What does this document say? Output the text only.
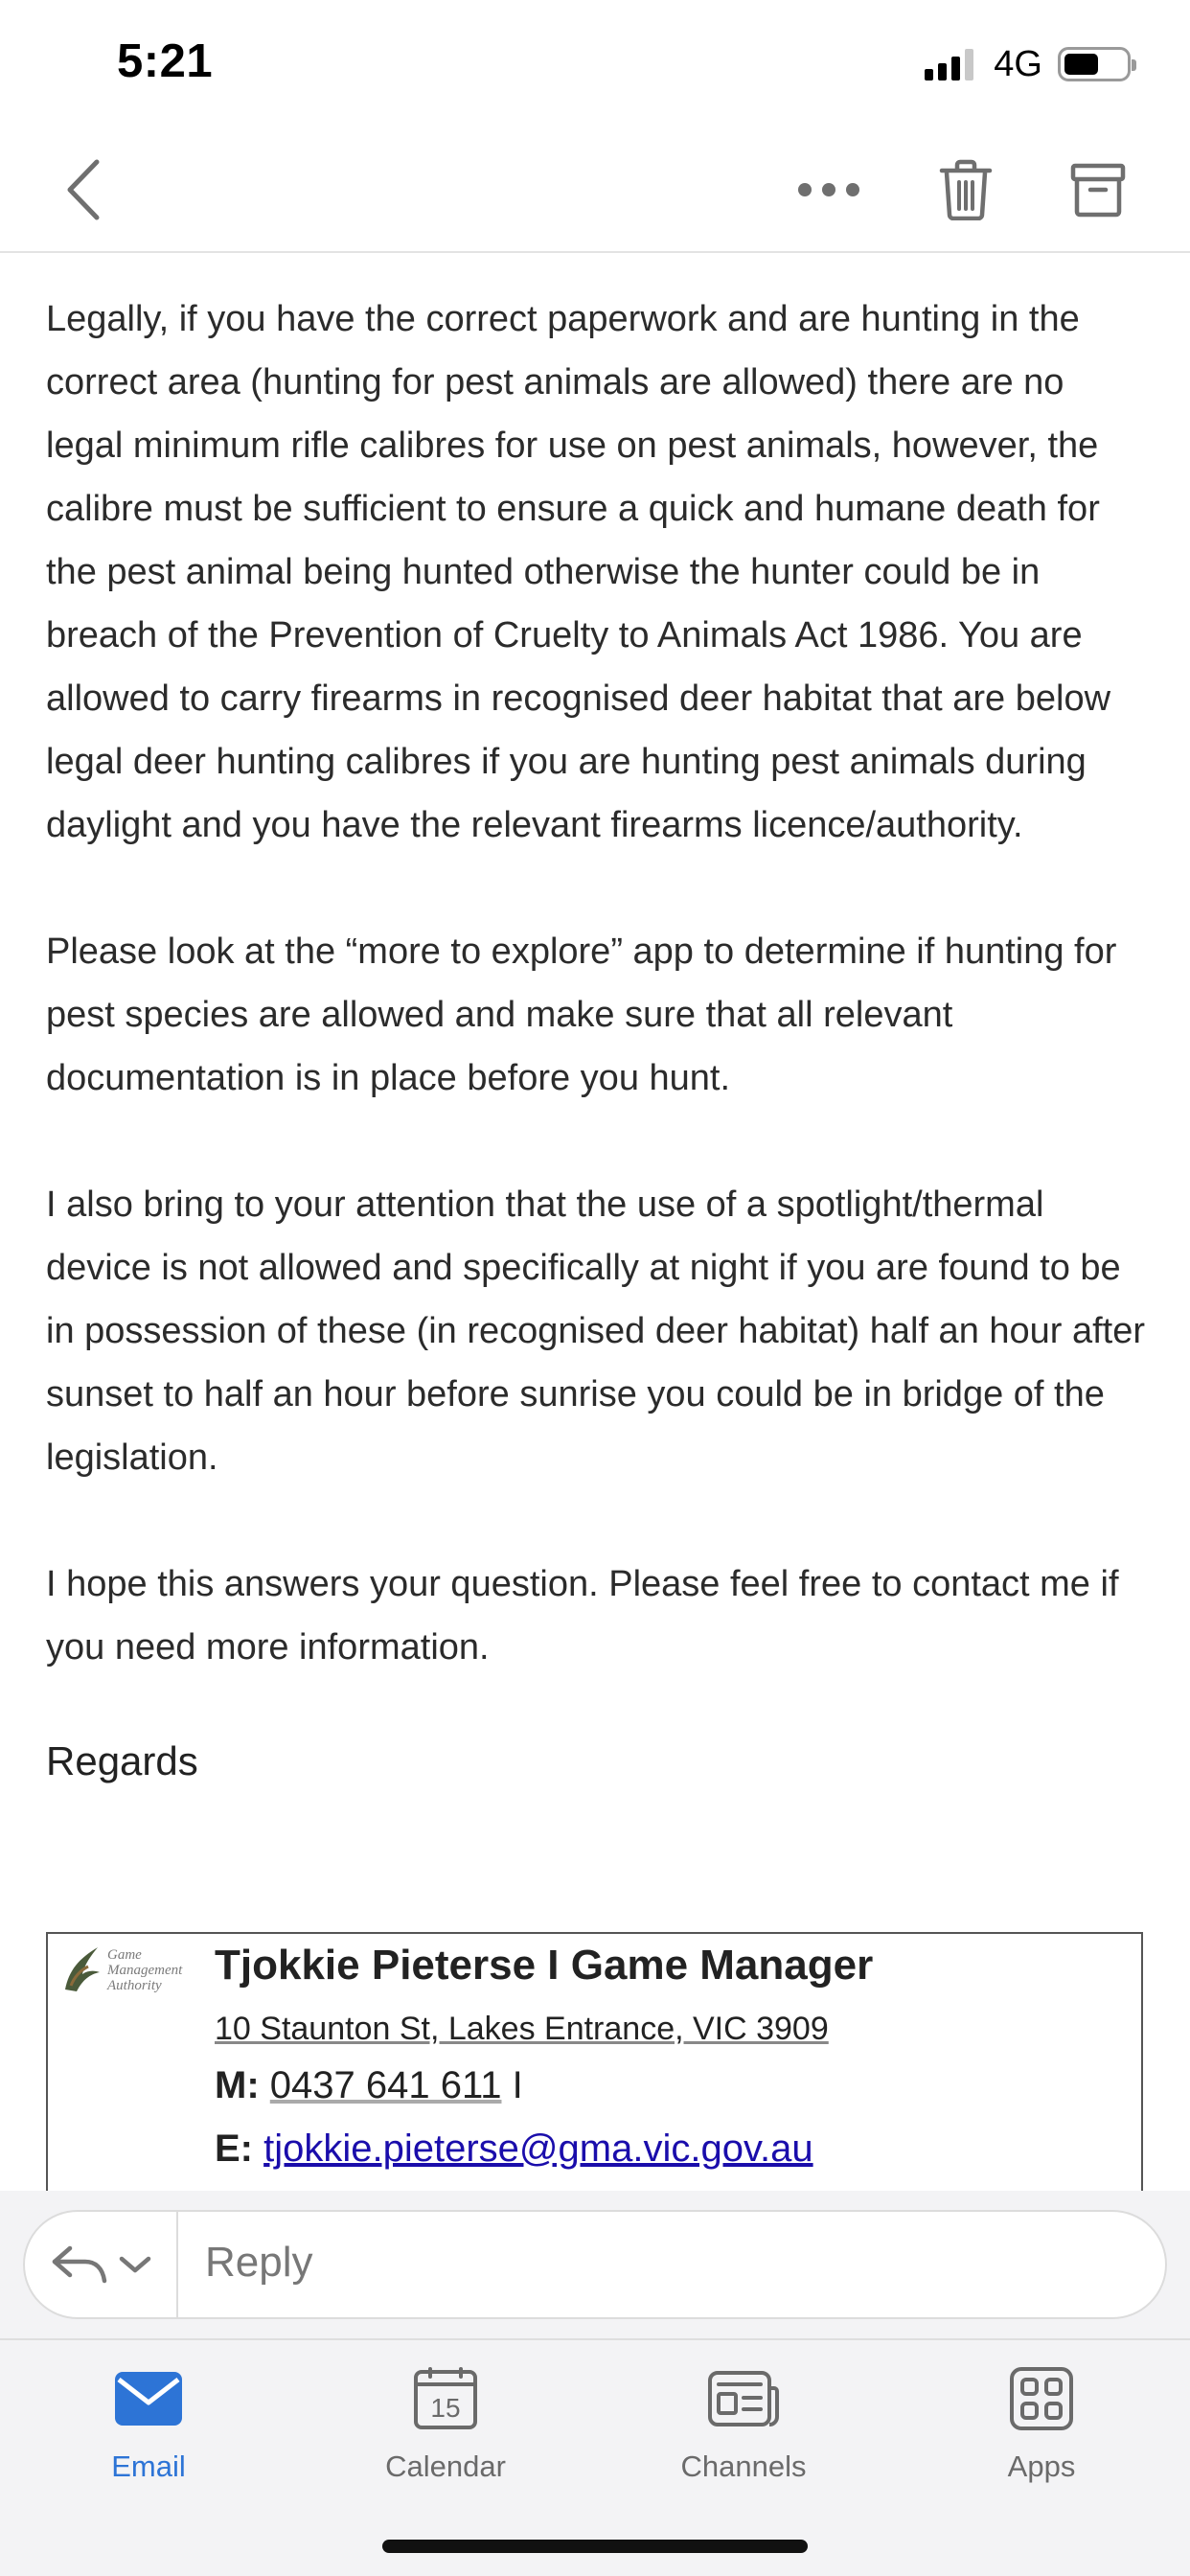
5:21	4G

Legally, if you have the correct paperwork and are hunting in the correct area (hunting for pest animals are allowed) there are no legal minimum rifle calibres for use on pest animals, however, the calibre must be sufficient to ensure a quick and humane death for the pest animal being hunted otherwise the hunter could be in breach of the Prevention of Cruelty to Animals Act 1986. You are allowed to carry firearms in recognised deer habitat that are below legal deer hunting calibres if you are hunting pest animals during daylight and you have the relevant firearms licence/authority.

Please look at the “more to explore” app to determine if hunting for pest species are allowed and make sure that all relevant documentation is in place before you hunt.

I also bring to your attention that the use of a spotlight/thermal device is not allowed and specifically at night if you are found to be in possession of these (in recognised deer habitat) half an hour after sunset to half an hour before sunrise you could be in bridge of the legislation.

I hope this answers your question. Please feel free to contact me if you need more information.

Regards

Game
Management
Authority	Tjokkie Pieterse I Game Manager
10 Staunton St, Lakes Entrance, VIC 3909
M: 0437 641 611 I
E: tjokkie.pieterse@gma.vic.gov.au
Reply
Email
15
Calendar	Channels	Apps
